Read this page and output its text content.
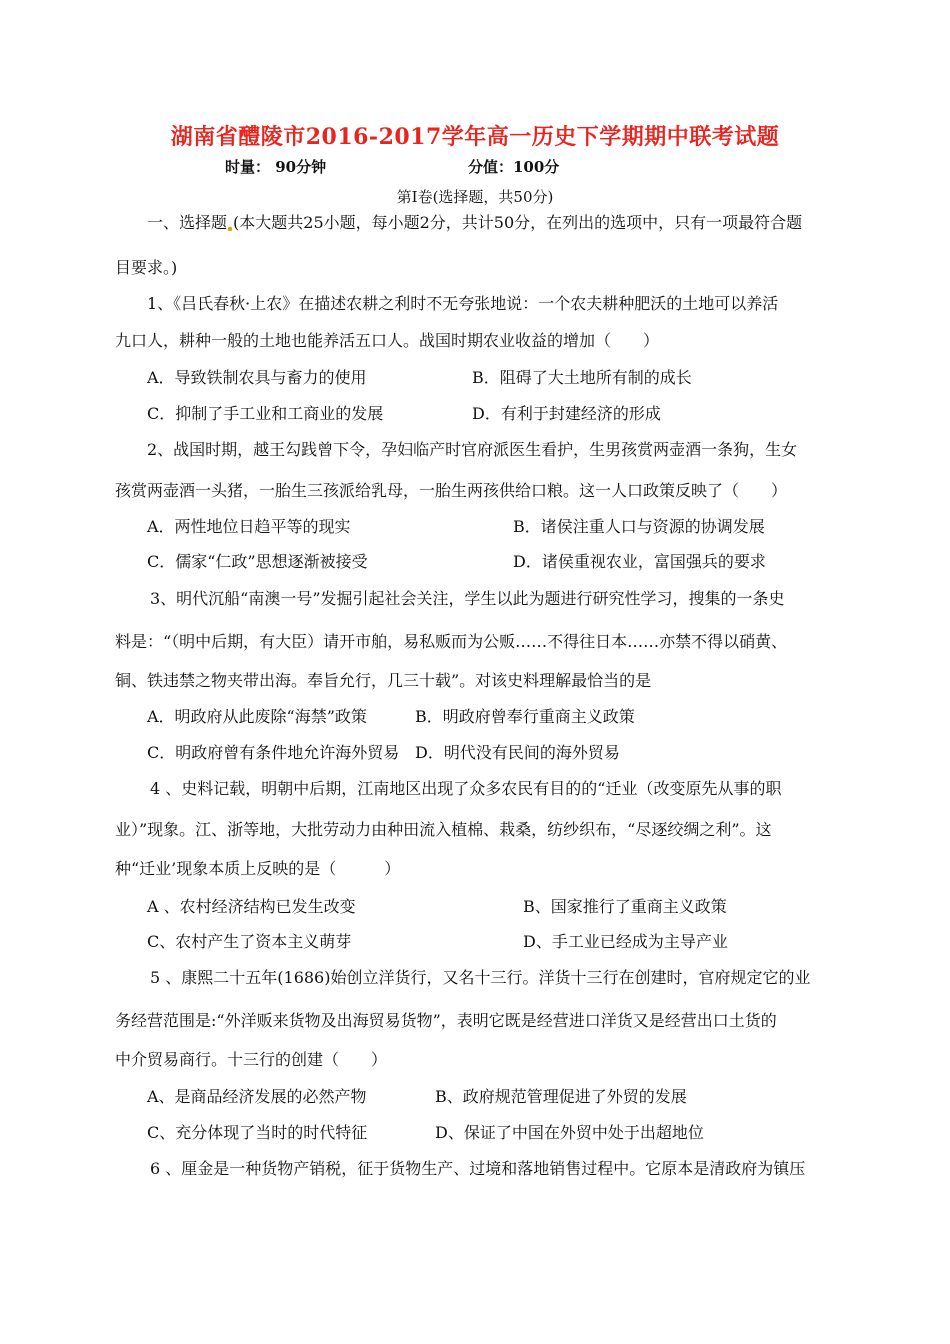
湖南省醴陵市2016-2017学年高一历史下学期期中联考试题
时量： 90分钟	分值：100分
第Ⅰ卷(选择题，共50分)
一、选择题 (本大题共25小题，每小题2分，共计50分，在列出的选项中，只有一项最符合题
目要求。)
1、《吕氏春秋·上农》在描述农耕之利时不无夸张地说：一个农夫耕种肥沃的土地可以养活
九口人，耕种一般的土地也能养活五口人。战国时期农业收益的增加（　　）
A．导致铁制农具与畜力的使用	B．阻碍了大土地所有制的成长
C．抑制了手工业和工商业的发展	D．有利于封建经济的形成
2、战国时期，越王勾践曾下令，孕妇临产时官府派医生看护，生男孩赏两壶酒一条狗，生女
孩赏两壶酒一头猪，一胎生三孩派给乳母，一胎生两孩供给口粮。这一人口政策反映了（　　）
A．两性地位日趋平等的现实	B．诸侯注重人口与资源的协调发展
C．儒家“仁政”思想逐渐被接受	D．诸侯重视农业，富国强兵的要求
3、明代沉船“南澳一号”发掘引起社会关注，学生以此为题进行研究性学习，搜集的一条史
料是：“（明中后期，有大臣）请开市舶，易私贩而为公贩……不得往日本……亦禁不得以硝黄、
铜、铁违禁之物夹带出海。奉旨允行，几三十载”。对该史料理解最恰当的是
A．明政府从此废除“海禁”政策	B．明政府曾奉行重商主义政策
C．明政府曾有条件地允许海外贸易 D．明代没有民间的海外贸易
4 、史料记载，明朝中后期，江南地区出现了众多农民有目的的“迁业（改变原先从事的职
业）”现象。江、浙等地，大批劳动力由种田流入植棉、栽桑，纺纱织布，“尽逐绞绸之利”。这
种“迁业’现象本质上反映的是（　　　）
A 、农村经济结构已发生改变	B、国家推行了重商主义政策
C、农村产生了资本主义萌芽	D、手工业已经成为主导产业
5 、康熙二十五年(1686)始创立洋货行，又名十三行。洋货十三行在创建时，官府规定它的业
务经营范围是:“外洋贩来货物及出海贸易货物”，表明它既是经营进口洋货又是经营出口土货的
中介贸易商行。十三行的创建（　　）
A、是商品经济发展的必然产物	B、政府规范管理促进了外贸的发展
C、充分体现了当时的时代特征	D、保证了中国在外贸中处于出超地位
6 、厘金是一种货物产销税，征于货物生产、过境和落地销售过程中。它原本是清政府为镇压
